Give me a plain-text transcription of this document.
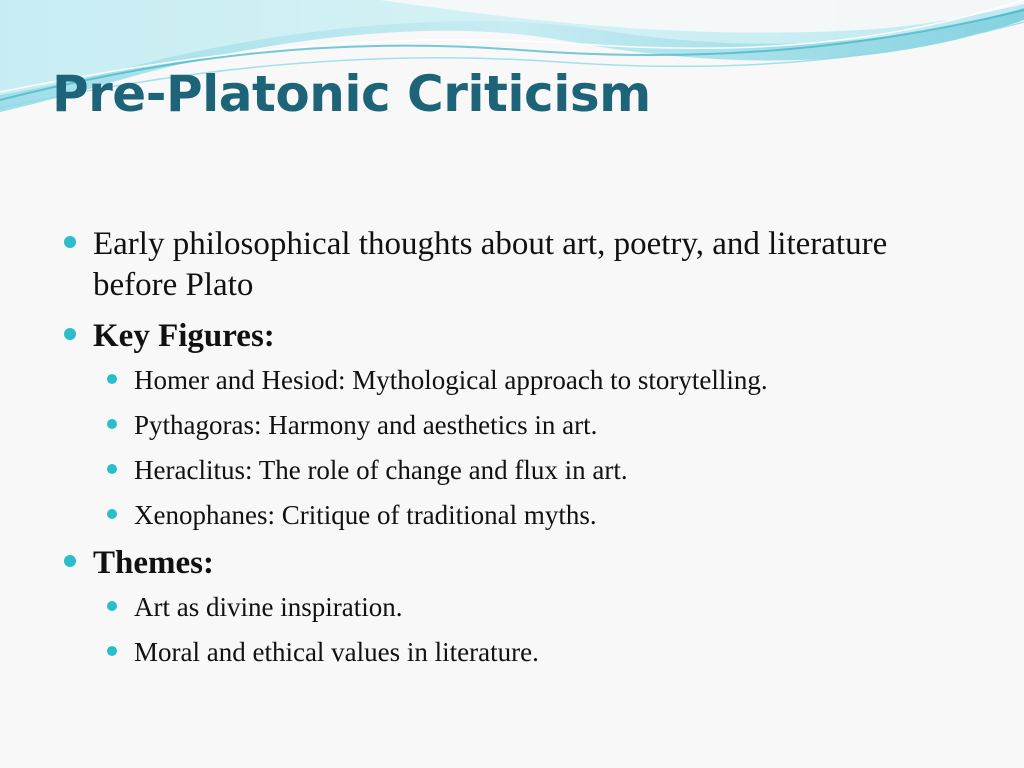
Pre-Platonic Criticism
Early philosophical thoughts about art, poetry, and literature before Plato
Key Figures:
Homer and Hesiod: Mythological approach to storytelling.
Pythagoras: Harmony and aesthetics in art.
Heraclitus: The role of change and flux in art.
Xenophanes: Critique of traditional myths.
Themes:
Art as divine inspiration.
Moral and ethical values in literature.
